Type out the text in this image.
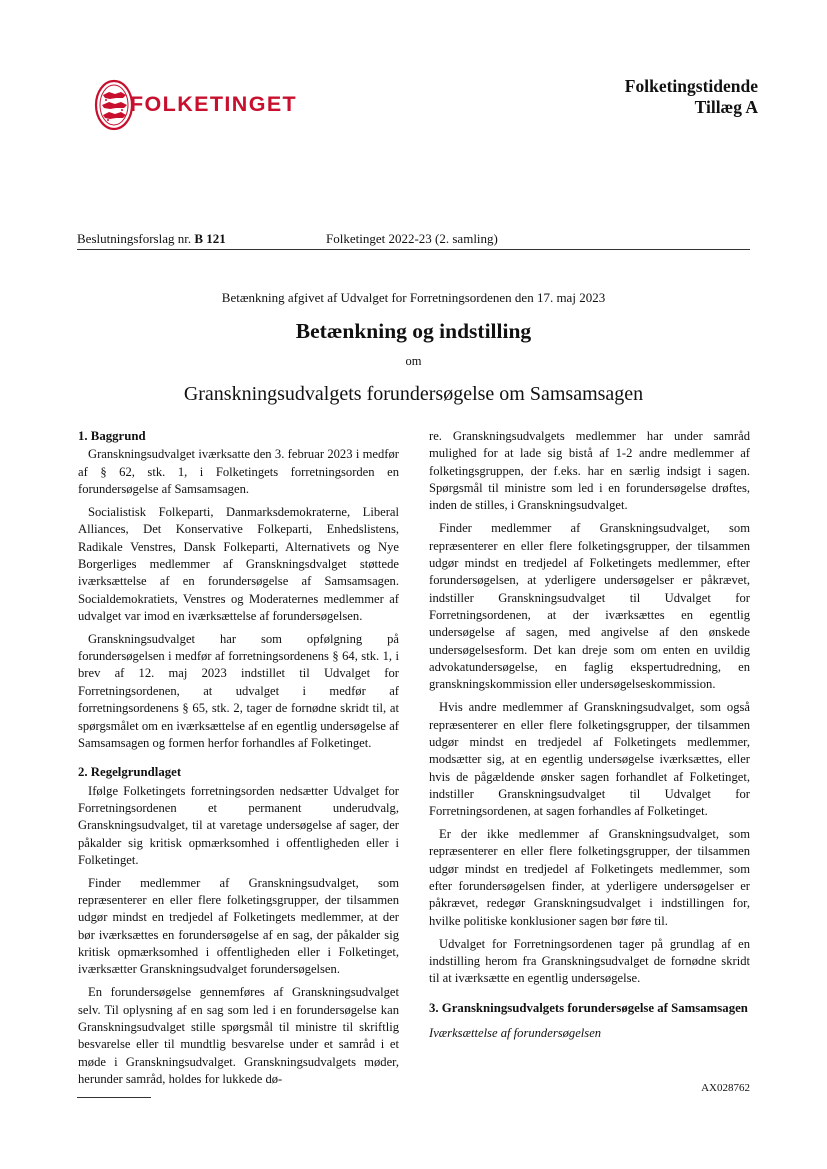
FOLKETINGET
Folketingstidende
Tillæg A
Beslutningsforslag nr. B 121	Folketinget 2022-23 (2. samling)
Betænkning afgivet af Udvalget for Forretningsordenen den 17. maj 2023
Betænkning og indstilling
om
Granskningsudvalgets forundersøgelse om Samsamsagen
1. Baggrund

Granskningsudvalget iværksatte den 3. februar 2023 i medfør af § 62, stk. 1, i Folketingets forretningsorden en forundersøgelse af Samsamsagen.

Socialistisk Folkeparti, Danmarksdemokraterne, Liberal Alliances, Det Konservative Folkeparti, Enhedslistens, Radikale Venstres, Dansk Folkeparti, Alternativets og Nye Borgerliges medlemmer af Granskningsdvalget støttede iværksættelse af en forundersøgelse af Samsamsagen. Socialdemokratiets, Venstres og Moderaternes medlemmer af udvalget var imod en iværksættelse af forundersøgelsen.

Granskningsudvalget har som opfølgning på forundersøgelsen i medfør af forretningsordenens § 64, stk. 1, i brev af 12. maj 2023 indstillet til Udvalget for Forretningsordenen, at udvalget i medfør af forretningsordenens § 65, stk. 2, tager de fornødne skridt til, at spørgsmålet om en iværksættelse af en egentlig undersøgelse af Samsamsagen og formen herfor forhandles af Folketinget.

2. Regelgrundlaget

Ifølge Folketingets forretningsorden nedsætter Udvalget for Forretningsordenen et permanent underudvalg, Granskningsudvalget, til at varetage undersøgelse af sager, der påkalder sig kritisk opmærksomhed i offentligheden eller i Folketinget.

Finder medlemmer af Granskningsudvalget, som repræsenterer en eller flere folketingsgrupper, der tilsammen udgør mindst en tredjedel af Folketingets medlemmer, at der bør iværksættes en forundersøgelse af en sag, der påkalder sig kritisk opmærksomhed i offentligheden eller i Folketinget, iværksætter Granskningsudvalget forundersøgelsen.

En forundersøgelse gennemføres af Granskningsudvalget selv. Til oplysning af en sag som led i en forundersøgelse kan Granskningsudvalget stille spørgsmål til ministre til skriftlig besvarelse eller til mundtlig besvarelse under et samråd i et møde i Granskningsudvalget. Granskningsudvalgets møder, herunder samråd, holdes for lukkede dø-

re. Granskningsudvalgets medlemmer har under samråd mulighed for at lade sig bistå af 1-2 andre medlemmer af folketingsgruppen, der f.eks. har en særlig indsigt i sagen. Spørgsmål til ministre som led i en forundersøgelse drøftes, inden de stilles, i Granskningsudvalget.

Finder medlemmer af Granskningsudvalget, som repræsenterer en eller flere folketingsgrupper, der tilsammen udgør mindst en tredjedel af Folketingets medlemmer, efter forundersøgelsen, at yderligere undersøgelser er påkrævet, indstiller Granskningsudvalget til Udvalget for Forretningsordenen, at der iværksættes en egentlig undersøgelse af sagen, med angivelse af den ønskede undersøgelsesform. Det kan dreje som om enten en uvildig advokatundersøgelse, en faglig ekspertudredning, en granskningskommission eller undersøgelseskommission.

Hvis andre medlemmer af Granskningsudvalget, som også repræsenterer en eller flere folketingsgrupper, der tilsammen udgør mindst en tredjedel af Folketingets medlemmer, modsætter sig, at en egentlig undersøgelse iværksættes, eller hvis de pågældende ønsker sagen forhandlet af Folketinget, indstiller Granskningsudvalget til Udvalget for Forretningsordenen, at sagen forhandles af Folketinget.

Er der ikke medlemmer af Granskningsudvalget, som repræsenterer en eller flere folketingsgrupper, der tilsammen udgør mindst en tredjedel af Folketingets medlemmer, som efter forundersøgelsen finder, at yderligere undersøgelser er påkrævet, redegør Granskningsudvalget i indstillingen for, hvilke politiske konklusioner sagen bør føre til.

Udvalget for Forretningsordenen tager på grundlag af en indstilling herom fra Granskningsudvalget de fornødne skridt til at iværksætte en egentlig undersøgelse.

3. Granskningsudvalgets forundersøgelse af Samsamsagen

Iværksættelse af forundersøgelsen

AX028762
